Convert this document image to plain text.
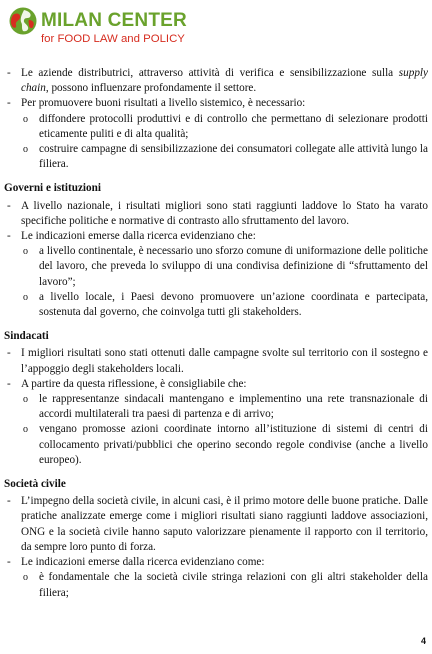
MILAN CENTER
for FOOD LAW and POLICY
- Le aziende distributrici, attraverso attività di verifica e sensibilizzazione sulla supply chain, possono influenzare profondamente il settore.
- Per promuovere buoni risultati a livello sistemico, è necessario:
o diffondere protocolli produttivi e di controllo che permettano di selezionare prodotti eticamente puliti e di alta qualità;
o costruire campagne di sensibilizzazione dei consumatori collegate alle attività lungo la filiera.
Governi e istituzioni
- A livello nazionale, i risultati migliori sono stati raggiunti laddove lo Stato ha varato specifiche politiche e normative di contrasto allo sfruttamento del lavoro.
- Le indicazioni emerse dalla ricerca evidenziano che:
o a livello continentale, è necessario uno sforzo comune di uniformazione delle politiche del lavoro, che preveda lo sviluppo di una condivisa definizione di “sfruttamento del lavoro”;
o a livello locale, i Paesi devono promuovere un’azione coordinata e partecipata, sostenuta dal governo, che coinvolga tutti gli stakeholders.
Sindacati
- I migliori risultati sono stati ottenuti dalle campagne svolte sul territorio con il sostegno e l’appoggio degli stakeholders locali.
- A partire da questa riflessione, è consigliabile che:
o le rappresentanze sindacali mantengano e implementino una rete transnazionale di accordi multilaterali tra paesi di partenza e di arrivo;
o vengano promosse azioni coordinate intorno all’istituzione di sistemi di centri di collocamento privati/pubblici che operino secondo regole condivise (anche a livello europeo).
Società civile
- L’impegno della società civile, in alcuni casi, è il primo motore delle buone pratiche. Dalle pratiche analizzate emerge come i migliori risultati siano raggiunti laddove associazioni, ONG e la società civile hanno saputo valorizzare pienamente il rapporto con il territorio, da sempre loro punto di forza.
- Le indicazioni emerse dalla ricerca evidenziano come:
o è fondamentale che la società civile stringa relazioni con gli altri stakeholder della filiera;
4
